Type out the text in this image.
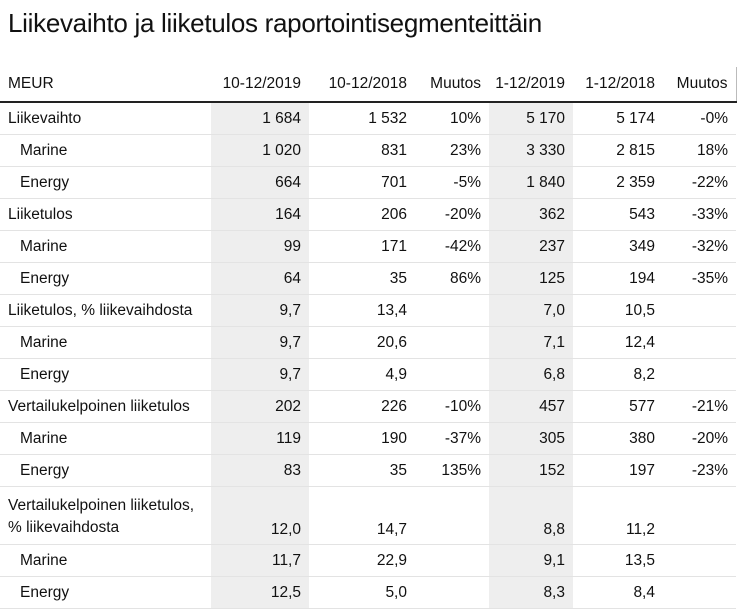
Liikevaihto ja liiketulos raportointisegmenteittäin
MEUR	10-12/2019	10-12/2018	Muutos	1-12/2019	1-12/2018	Muutos
Liikevaihto	1 684	1 532	10%	5 170	5 174	-0%
Marine	1 020	831	23%	3 330	2 815	18%
Energy	664	701	-5%	1 840	2 359	-22%
Liiketulos	164	206	-20%	362	543	-33%
Marine	99	171	-42%	237	349	-32%
Energy	64	35	86%	125	194	-35%
Liiketulos, % liikevaihdosta	9,7	13,4		7,0	10,5	
Marine	9,7	20,6		7,1	12,4	
Energy	9,7	4,9		6,8	8,2	
Vertailukelpoinen liiketulos	202	226	-10%	457	577	-21%
Marine	119	190	-37%	305	380	-20%
Energy	83	35	135%	152	197	-23%
Vertailukelpoinen liiketulos, % liikevaihdosta	12,0	14,7		8,8	11,2	
Marine	11,7	22,9		9,1	13,5	
Energy	12,5	5,0		8,3	8,4	
